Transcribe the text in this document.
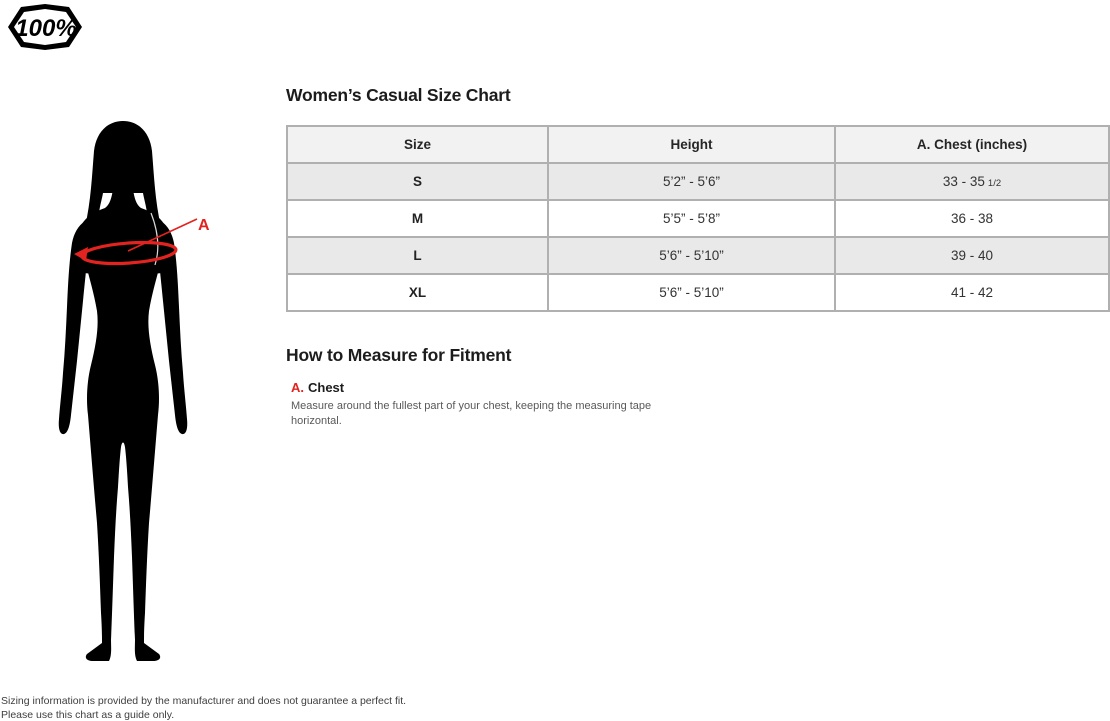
100%
A
Women’s Casual Size Chart
Size	Height	A. Chest (inches)
S	5’2” - 5’6”	33 - 35 1/2
M	5’5” - 5’8”	36 - 38
L	5’6” - 5’10”	39 - 40
XL	5’6” - 5’10”	41 - 42
How to Measure for Fitment
A. Chest
Measure around the fullest part of your chest, keeping the measuring tape horizontal.
Sizing information is provided by the manufacturer and does not guarantee a perfect fit.
Please use this chart as a guide only.
